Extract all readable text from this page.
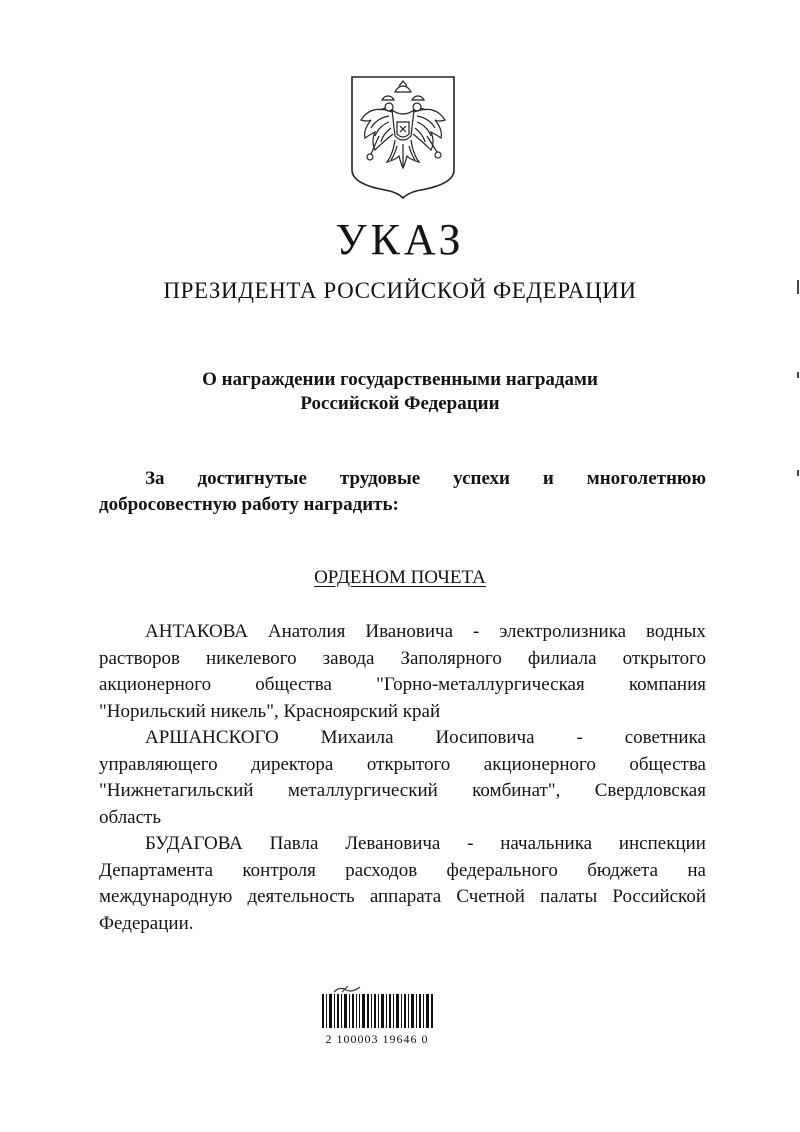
УКАЗ
ПРЕЗИДЕНТА РОССИЙСКОЙ ФЕДЕРАЦИИ
О награждении государственными наградами
Российской Федерации
За достигнутые трудовые успехи и многолетнюю
добросовестную работу наградить:
ОРДЕНОМ ПОЧЕТА
АНТАКОВА Анатолия Ивановича - электролизника водных
растворов никелевого завода Заполярного филиала открытого
акционерного общества "Горно-металлургическая компания
"Норильский никель", Красноярский край
АРШАНСКОГО Михаила Иосиповича - советника
управляющего директора открытого акционерного общества
"Нижнетагильский металлургический комбинат", Свердловская
область
БУДАГОВА Павла Левановича - начальника инспекции
Департамента контроля расходов федерального бюджета на
международную деятельность аппарата Счетной палаты Российской
Федерации.
2 100003 19646 0
